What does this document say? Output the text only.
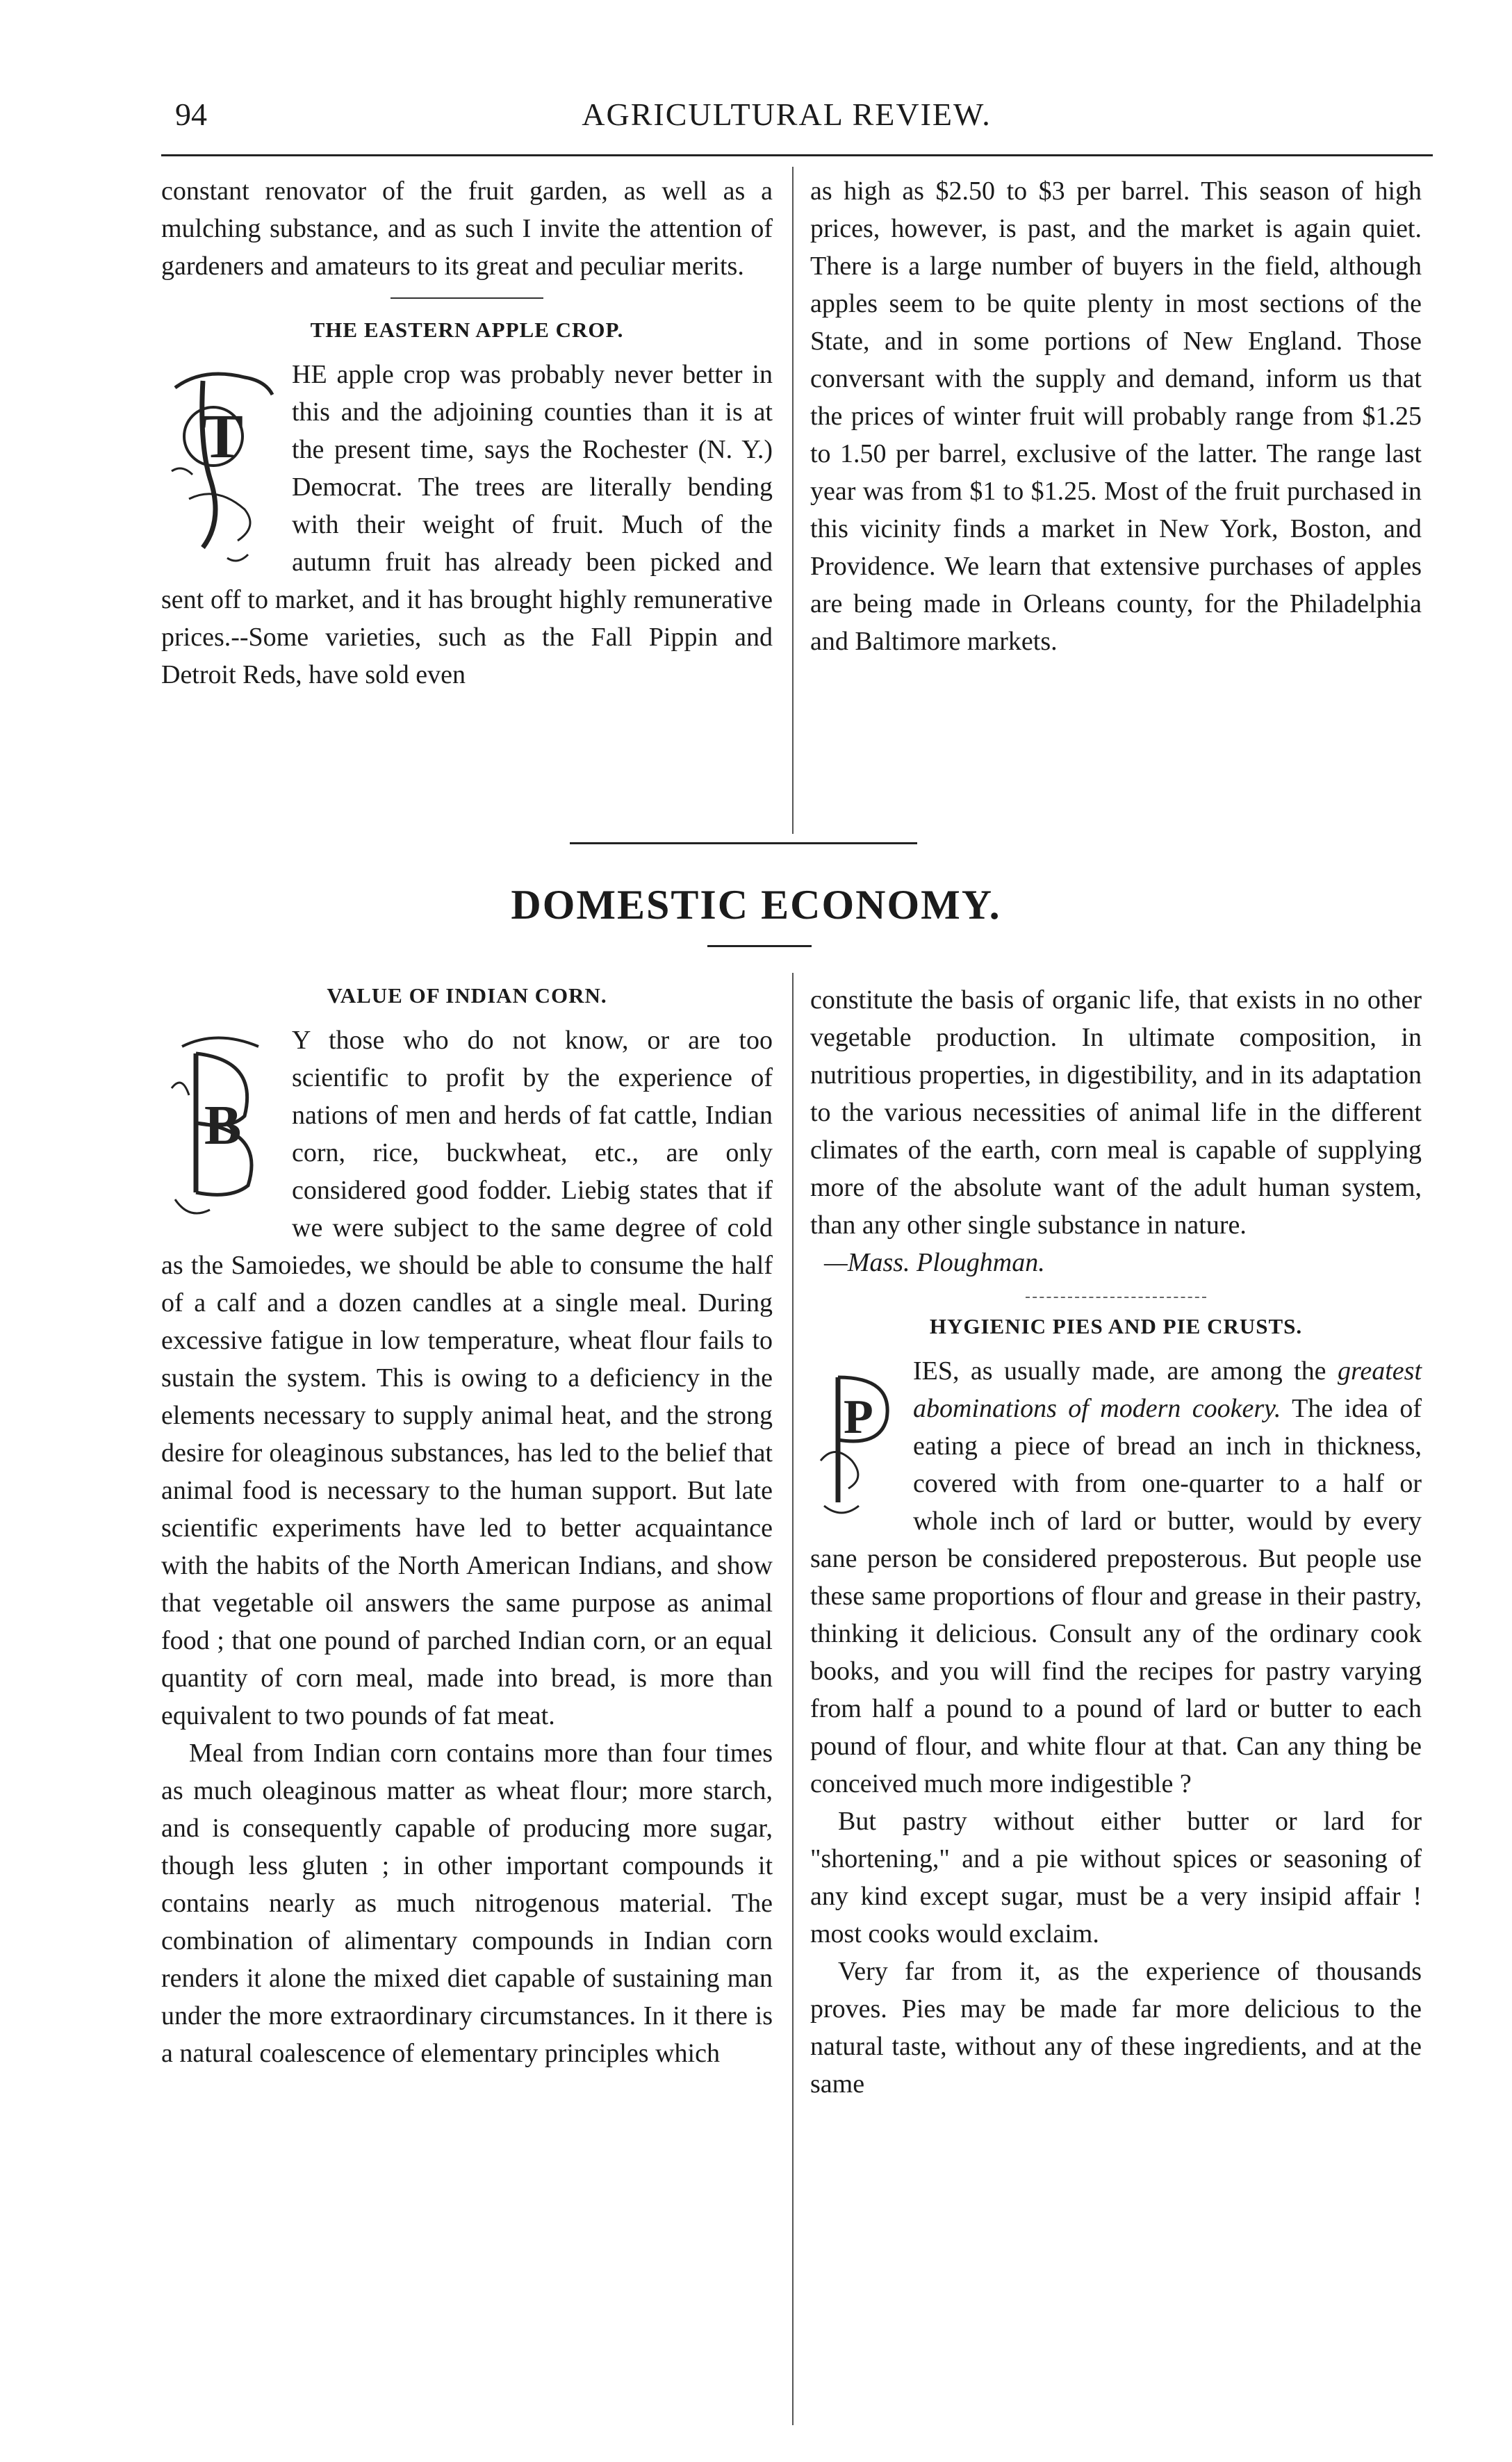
94	AGRICULTURAL REVIEW.

constant renovator of the fruit garden, as well as a mulching substance, and as such I invite the attention of gardeners and amateurs to its great and peculiar merits.

THE EASTERN APPLE CROP.
T

HE apple crop was probably never better in this and the adjoining counties than it is at the present time, says the Rochester (N. Y.) Democrat. The trees are literally bending with their weight of fruit. Much of the autumn fruit has already been picked and sent off to market, and it has brought highly remunerative prices.--Some varieties, such as the Fall Pippin and Detroit Reds, have sold even

as high as $2.50 to $3 per barrel. This season of high prices, however, is past, and the market is again quiet. There is a large number of buyers in the field, although apples seem to be quite plenty in most sections of the State, and in some portions of New England. Those conversant with the supply and demand, inform us that the prices of winter fruit will probably range from $1.25 to 1.50 per barrel, exclusive of the latter. The range last year was from $1 to $1.25. Most of the fruit purchased in this vicinity finds a market in New York, Boston, and Providence. We learn that extensive purchases of apples are being made in Orleans county, for the Philadelphia and Baltimore markets.

DOMESTIC ECONOMY.
VALUE OF INDIAN CORN.
B

Y those who do not know, or are too scientific to profit by the experience of nations of men and herds of fat cattle, Indian corn, rice, buckwheat, etc., are only considered good fodder. Liebig states that if we were subject to the same degree of cold as the Samoiedes, we should be able to consume the half of a calf and a dozen candles at a single meal. During excessive fatigue in low temperature, wheat flour fails to sustain the system. This is owing to a deficiency in the elements necessary to supply animal heat, and the strong desire for oleaginous substances, has led to the belief that animal food is necessary to the human support. But late scientific experiments have led to better acquaintance with the habits of the North American Indians, and show that vegetable oil answers the same purpose as animal food ; that one pound of parched Indian corn, or an equal quantity of corn meal, made into bread, is more than equivalent to two pounds of fat meat.

Meal from Indian corn contains more than four times as much oleaginous matter as wheat flour; more starch, and is consequently capable of producing more sugar, though less gluten ; in other important compounds it contains nearly as much nitrogenous material. The combination of alimentary compounds in Indian corn renders it alone the mixed diet capable of sustaining man under the more extraordinary circumstances. In it there is a natural coalescence of elementary principles which

constitute the basis of organic life, that exists in no other vegetable production. In ultimate composition, in nutritious properties, in digestibility, and in its adaptation to the various necessities of animal life in the different climates of the earth, corn meal is capable of supplying more of the absolute want of the adult human system, than any other single substance in nature.

—Mass. Ploughman.

HYGIENIC PIES AND PIE CRUSTS.
P

IES, as usually made, are among the greatest abominations of modern cookery. The idea of eating a piece of bread an inch in thickness, covered with from one-quarter to a half or whole inch of lard or butter, would by every sane person be considered preposterous. But people use these same proportions of flour and grease in their pastry, thinking it delicious. Consult any of the ordinary cook books, and you will find the recipes for pastry varying from half a pound to a pound of lard or butter to each pound of flour, and white flour at that. Can any thing be conceived much more indigestible ?

But pastry without either butter or lard for "shortening," and a pie without spices or seasoning of any kind except sugar, must be a very insipid affair ! most cooks would exclaim.

Very far from it, as the experience of thousands proves. Pies may be made far more delicious to the natural taste, without any of these ingredients, and at the same
